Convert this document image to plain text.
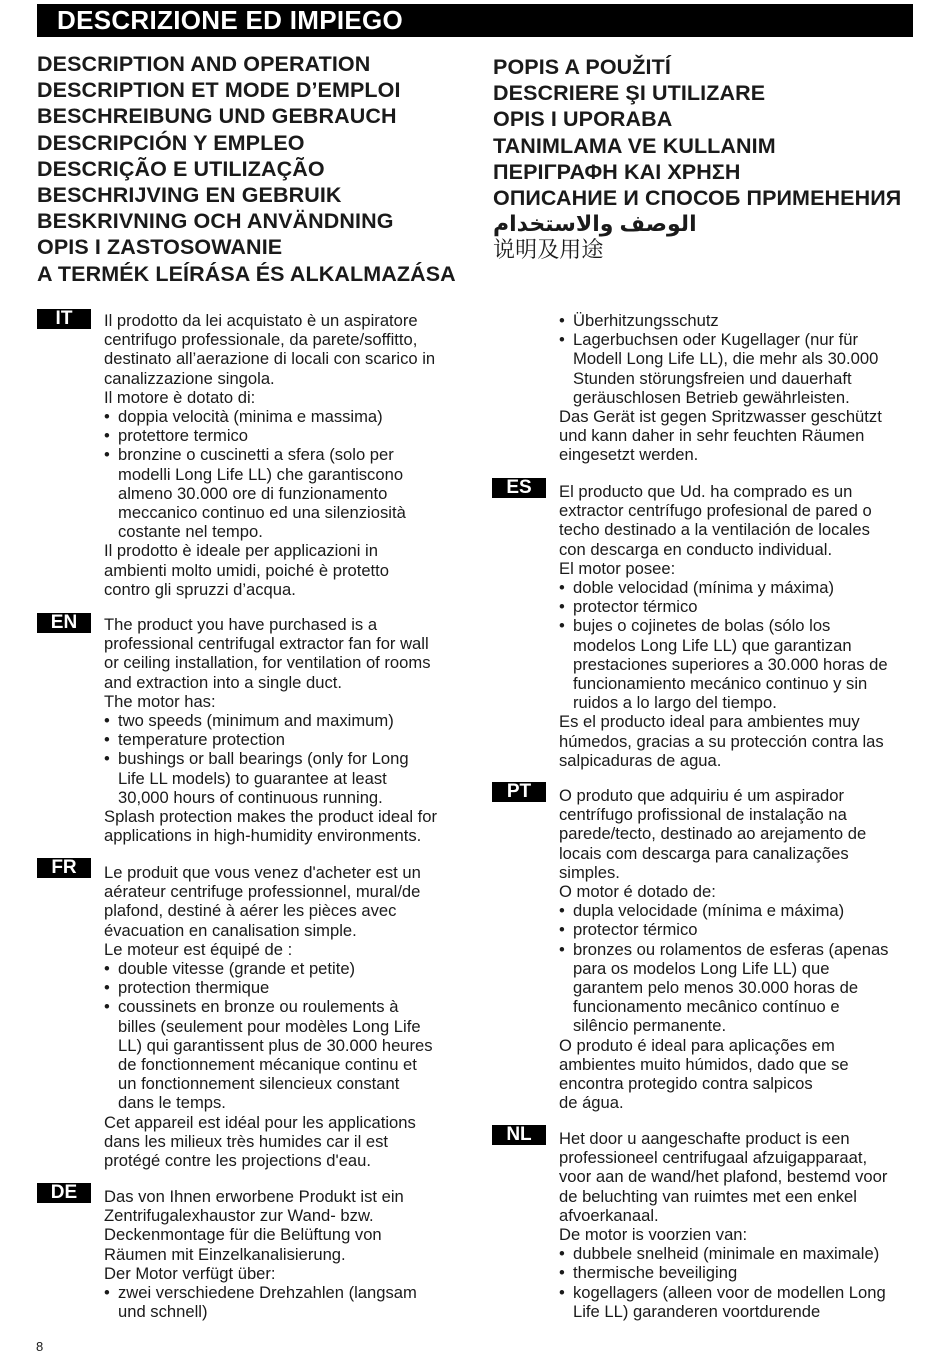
DESCRIZIONE ED IMPIEGO
DESCRIPTION AND OPERATION
DESCRIPTION ET MODE D’EMPLOI
BESCHREIBUNG UND GEBRAUCH
DESCRIPCIÓN Y EMPLEO
DESCRIÇÃO E UTILIZAÇÃO
BESCHRIJVING EN GEBRUIK
BESKRIVNING OCH ANVÄNDNING
OPIS I ZASTOSOWANIE
A TERMÉK LEÍRÁSA ÉS ALKALMAZÁSA
POPIS A POUŽITÍ
DESCRIERE ŞI UTILIZARE
OPIS I UPORABA
TANIMLAMA VE KULLANIM
ΠΕΡΙΓΡΑΦΗ ΚΑΙ ΧΡΗΣΗ
ОПИСАНИЕ И СПОСОБ ПРИМЕНЕНИЯ
الوصف والاستخدام
说明及用途
IT	Il prodotto da lei acquistato è un aspiratore

centrifugo professionale, da parete/soffitto,

destinato all’aerazione di locali con scarico in

canalizzazione singola.

Il motore è dotato di:

• doppia velocità (minima e massima)
• protettore termico
• bronzine o cuscinetti a sfera (solo per
modelli Long Life LL) che garantiscono
almeno 30.000 ore di funzionamento
meccanico continuo ed una silenziosità
costante nel tempo.

Il prodotto è ideale per applicazioni in

ambienti molto umidi, poiché è protetto

contro gli spruzzi d’acqua.

EN	The product you have purchased is a

professional centrifugal extractor fan for wall

or ceiling installation, for ventilation of rooms

and extraction into a single duct.

The motor has:

• two speeds (minimum and maximum)
• temperature protection
• bushings or ball bearings (only for Long
Life LL models) to guarantee at least
30,000 hours of continuous running.

Splash protection makes the product ideal for

applications in high-humidity environments.

FR	Le produit que vous venez d'acheter est un

aérateur centrifuge professionnel, mural/de

plafond, destiné à aérer les pièces avec

évacuation en canalisation simple.

Le moteur est équipé de :

• double vitesse (grande et petite)
• protection thermique
• coussinets en bronze ou roulements à
billes (seulement pour modèles Long Life
LL) qui garantissent plus de 30.000 heures
de fonctionnement mécanique continu et
un fonctionnement silencieux constant
dans le temps.

Cet appareil est idéal pour les applications

dans les milieux très humides car il est

protégé contre les projections d'eau.

DE	Das von Ihnen erworbene Produkt ist ein

Zentrifugalexhaustor zur Wand- bzw.

Deckenmontage für die Belüftung von

Räumen mit Einzelkanalisierung.

Der Motor verfügt über:

• zwei verschiedene Drehzahlen (langsam
und schnell)
• Überhitzungsschutz
• Lagerbuchsen oder Kugellager (nur für
Modell Long Life LL), die mehr als 30.000
Stunden störungsfreien und dauerhaft
geräuschlosen Betrieb gewährleisten.

Das Gerät ist gegen Spritzwasser geschützt

und kann daher in sehr feuchten Räumen

eingesetzt werden.

ES	El producto que Ud. ha comprado es un

extractor centrífugo profesional de pared o

techo destinado a la ventilación de locales

con descarga en conducto individual.

El motor posee:

• doble velocidad (mínima y máxima)
• protector térmico
• bujes o cojinetes de bolas (sólo los
modelos Long Life LL) que garantizan
prestaciones superiores a 30.000 horas de
funcionamiento mecánico continuo y sin
ruidos a lo largo del tiempo.

Es el producto ideal para ambientes muy

húmedos, gracias a su protección contra las

salpicaduras de agua.

PT	O produto que adquiriu é um aspirador

centrífugo profissional de instalação na

parede/tecto, destinado ao arejamento de

locais com descarga para canalizações

simples.

O motor é dotado de:

• dupla velocidade (mínima e máxima)
• protector térmico
• bronzes ou rolamentos de esferas (apenas
para os modelos Long Life LL) que
garantem pelo menos 30.000 horas de
funcionamento mecânico contínuo e
silêncio permanente.

O produto é ideal para aplicações em

ambientes muito húmidos, dado que se

encontra protegido contra salpicos

de água.

NL	Het door u aangeschafte product is een

professioneel centrifugaal afzuigapparaat,

voor aan de wand/het plafond, bestemd voor

de beluchting van ruimtes met een enkel

afvoerkanaal.

De motor is voorzien van:

• dubbele snelheid (minimale en maximale)
• thermische beveiliging
• kogellagers (alleen voor de modellen Long
Life LL) garanderen voortdurende
8
